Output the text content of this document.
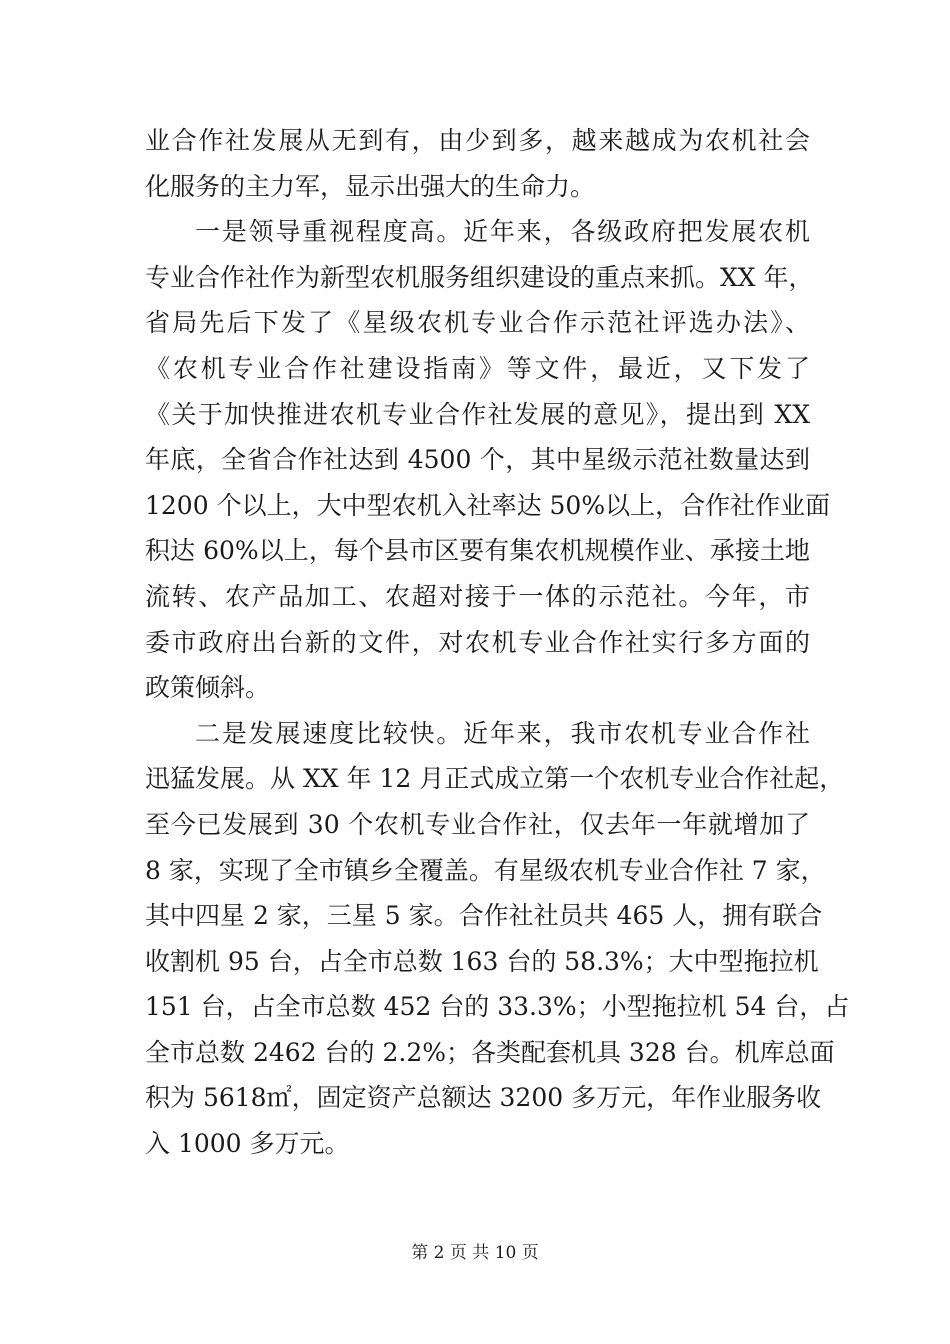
业合作社发展从无到有，由少到多，越来越成为农机社会
化服务的主力军，显示出强大的生命力。
一是领导重视程度高。近年来，各级政府把发展农机
专业合作社作为新型农机服务组织建设的重点来抓。XX 年，
省局先后下发了《星级农机专业合作示范社评选办法》、
《农机专业合作社建设指南》等文件，最近，又下发了
《关于加快推进农机专业合作社发展的意见》，提出到 XX
年底，全省合作社达到 4500 个，其中星级示范社数量达到
1200 个以上，大中型农机入社率达 50%以上，合作社作业面
积达 60%以上，每个县市区要有集农机规模作业、承接土地
流转、农产品加工、农超对接于一体的示范社。今年，市
委市政府出台新的文件，对农机专业合作社实行多方面的
政策倾斜。
二是发展速度比较快。近年来，我市农机专业合作社
迅猛发展。从 XX 年 12 月正式成立第一个农机专业合作社起，
至今已发展到 30 个农机专业合作社，仅去年一年就增加了
8 家，实现了全市镇乡全覆盖。有星级农机专业合作社 7 家，
其中四星 2 家，三星 5 家。合作社社员共 465 人，拥有联合
收割机 95 台，占全市总数 163 台的 58.3%；大中型拖拉机
151 台，占全市总数 452 台的 33.3%；小型拖拉机 54 台，占
全市总数 2462 台的 2.2%；各类配套机具 328 台。机库总面
积为 5618㎡，固定资产总额达 3200 多万元，年作业服务收
入 1000 多万元。
第 2 页 共 10 页
